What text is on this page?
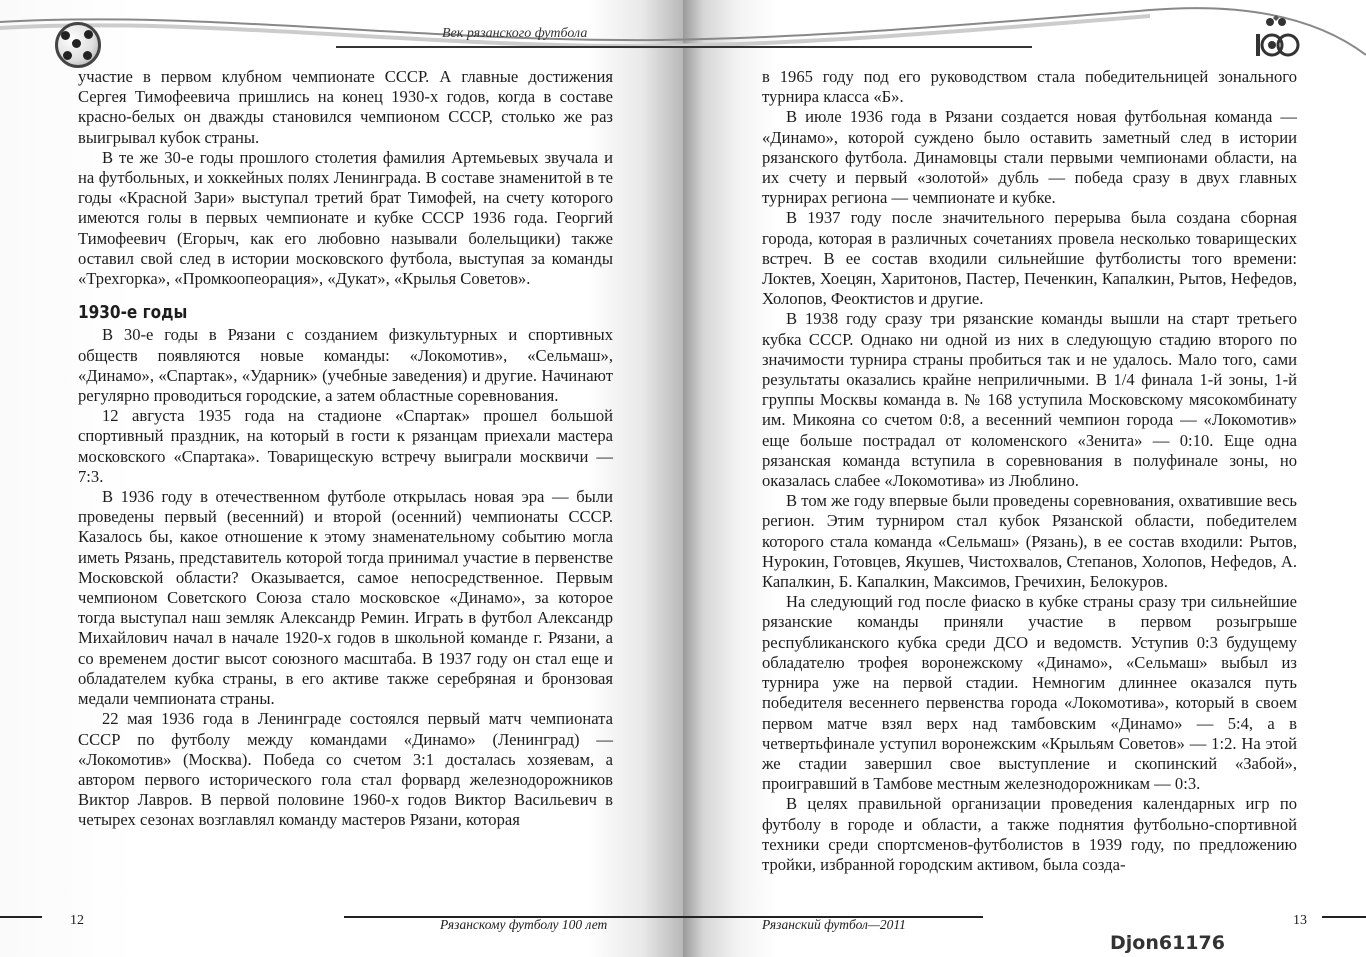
Век рязанского футбола

участие в первом клубном чемпионате СССР. А главные достижения Сергея Тимофеевича пришлись на конец 1930-х годов, когда в составе красно-белых он дважды становился чемпионом СССР, столько же раз выигрывал кубок страны.

В те же 30-е годы прошлого столетия фамилия Артемьевых звучала и на футбольных, и хоккейных полях Ленинграда. В составе знаменитой в те годы «Красной Зари» выступал третий брат Тимофей, на счету которого имеются голы в первых чемпионате и кубке СССР 1936 года. Георгий Тимофеевич (Егорыч, как его любовно называли болельщики) также оставил свой след в истории московского футбола, выступая за команды «Трехгорка», «Промкоопеорация», «Дукат», «Крылья Советов».

1930-е годы

В 30-е годы в Рязани с созданием физкультурных и спортивных обществ появляются новые команды: «Локомотив», «Сельмаш», «Динамо», «Спартак», «Ударник» (учебные заведения) и другие. Начинают регулярно проводиться городские, а затем областные соревнования.

12 августа 1935 года на стадионе «Спартак» прошел большой спортивный праздник, на который в гости к рязанцам приехали мастера московского «Спартака». Товарищескую встречу выиграли москвичи — 7:3.

В 1936 году в отечественном футболе открылась новая эра — были проведены первый (весенний) и второй (осенний) чемпионаты СССР. Казалось бы, какое отношение к этому знаменательному событию могла иметь Рязань, представитель которой тогда принимал участие в первенстве Московской области? Оказывается, самое непосредственное. Первым чемпионом Советского Союза стало московское «Динамо», за которое тогда выступал наш земляк Александр Ремин. Играть в футбол Александр Михайлович начал в начале 1920-х годов в школьной команде г. Рязани, а со временем достиг высот союзного масштаба. В 1937 году он стал еще и обладателем кубка страны, в его активе также серебряная и бронзовая медали чемпионата страны.

22 мая 1936 года в Ленинграде состоялся первый матч чемпионата СССР по футболу между командами «Динамо» (Ленинград) — «Локомотив» (Москва). Победа со счетом 3:1 досталась хозяевам, а автором первого исторического гола стал форвард железнодорожников Виктор Лавров. В первой половине 1960-х годов Виктор Васильевич в четырех сезонах возглавлял команду мастеров Рязани, которая

в 1965 году под его руководством стала победительницей зонального турнира класса «Б».

В июле 1936 года в Рязани создается новая футбольная команда — «Динамо», которой суждено было оставить заметный след в истории рязанского футбола. Динамовцы стали первыми чемпионами области, на их счету и первый «золотой» дубль — победа сразу в двух главных турнирах региона — чемпионате и кубке.

В 1937 году после значительного перерыва была создана сборная города, которая в различных сочетаниях провела несколько товарищеских встреч. В ее состав входили сильнейшие футболисты того времени: Локтев, Хоецян, Харитонов, Пастер, Печенкин, Капалкин, Рытов, Нефедов, Холопов, Феоктистов и другие.

В 1938 году сразу три рязанские команды вышли на старт третьего кубка СССР. Однако ни одной из них в следующую стадию второго по значимости турнира страны пробиться так и не удалось. Мало того, сами результаты оказались крайне неприличными. В 1/4 финала 1-й зоны, 1-й группы Москвы команда в. № 168 уступила Московскому мясокомбинату им. Микояна со счетом 0:8, а весенний чемпион города — «Локомотив» еще больше пострадал от коломенского «Зенита» — 0:10. Еще одна рязанская команда вступила в соревнования в полуфинале зоны, но оказалась слабее «Локомотива» из Люблино.

В том же году впервые были проведены соревнования, охватившие весь регион. Этим турниром стал кубок Рязанской области, победителем которого стала команда «Сельмаш» (Рязань), в ее состав входили: Рытов, Нурокин, Готовцев, Якушев, Чистохвалов, Степанов, Холопов, Нефедов, А. Капалкин, Б. Капалкин, Максимов, Гречихин, Белокуров.

На следующий год после фиаско в кубке страны сразу три сильнейшие рязанские команды приняли участие в первом розыгрыше республиканского кубка среди ДСО и ведомств. Уступив 0:3 будущему обладателю трофея воронежскому «Динамо», «Сельмаш» выбыл из турнира уже на первой стадии. Немногим длиннее оказался путь победителя весеннего первенства города «Локомотива», который в своем первом матче взял верх над тамбовским «Динамо» — 5:4, а в четвертьфинале уступил воронежским «Крыльям Советов» — 1:2. На этой же стадии завершил свое выступление и скопинский «Забой», проигравший в Тамбове местным железнодорожникам — 0:3.

В целях правильной организации проведения календарных игр по футболу в городе и области, а также поднятия футбольно-спортивной техники среди спортсменов-футболистов в 1939 году, по предложению тройки, избранной городским активом, была созда-

12	Рязанскому футболу 100 лет	Рязанский футбол—2011	13
Djon61176
